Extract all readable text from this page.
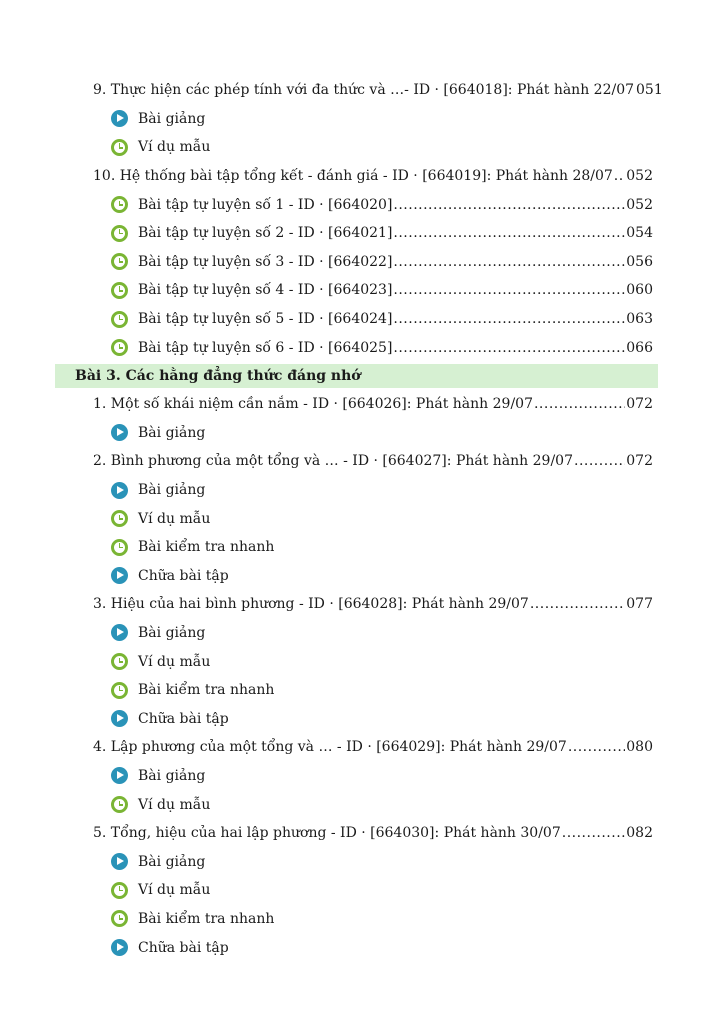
9. Thực hiện các phép tính với đa thức và …- ID · [664018]: Phát hành 22/07 051
Bài giảng
Ví dụ mẫu
10. Hệ thống bài tập tổng kết - đánh giá - ID · [664019]: Phát hành 28/07 ..... 052
Bài tập tự luyện số 1 - ID · [664020] .....	052
Bài tập tự luyện số 2 - ID · [664021] .....	054
Bài tập tự luyện số 3 - ID · [664022] .....	056
Bài tập tự luyện số 4 - ID · [664023] .....	060
Bài tập tự luyện số 5 - ID · [664024] .....	063
Bài tập tự luyện số 6 - ID · [664025] .....	066
Bài 3. Các hằng đẳng thức đáng nhớ
1. Một số khái niệm cần nắm - ID · [664026]: Phát hành 29/07 .....	072
Bài giảng
2. Bình phương của một tổng và … - ID · [664027]: Phát hành 29/07 .....	072
Bài giảng
Ví dụ mẫu
Bài kiểm tra nhanh
Chữa bài tập
3. Hiệu của hai bình phương - ID · [664028]: Phát hành 29/07 .....	077
Bài giảng
Ví dụ mẫu
Bài kiểm tra nhanh
Chữa bài tập
4. Lập phương của một tổng và … - ID · [664029]: Phát hành 29/07 .....	080
Bài giảng
Ví dụ mẫu
5. Tổng, hiệu của hai lập phương - ID · [664030]: Phát hành 30/07 .....	082
Bài giảng
Ví dụ mẫu
Bài kiểm tra nhanh
Chữa bài tập
